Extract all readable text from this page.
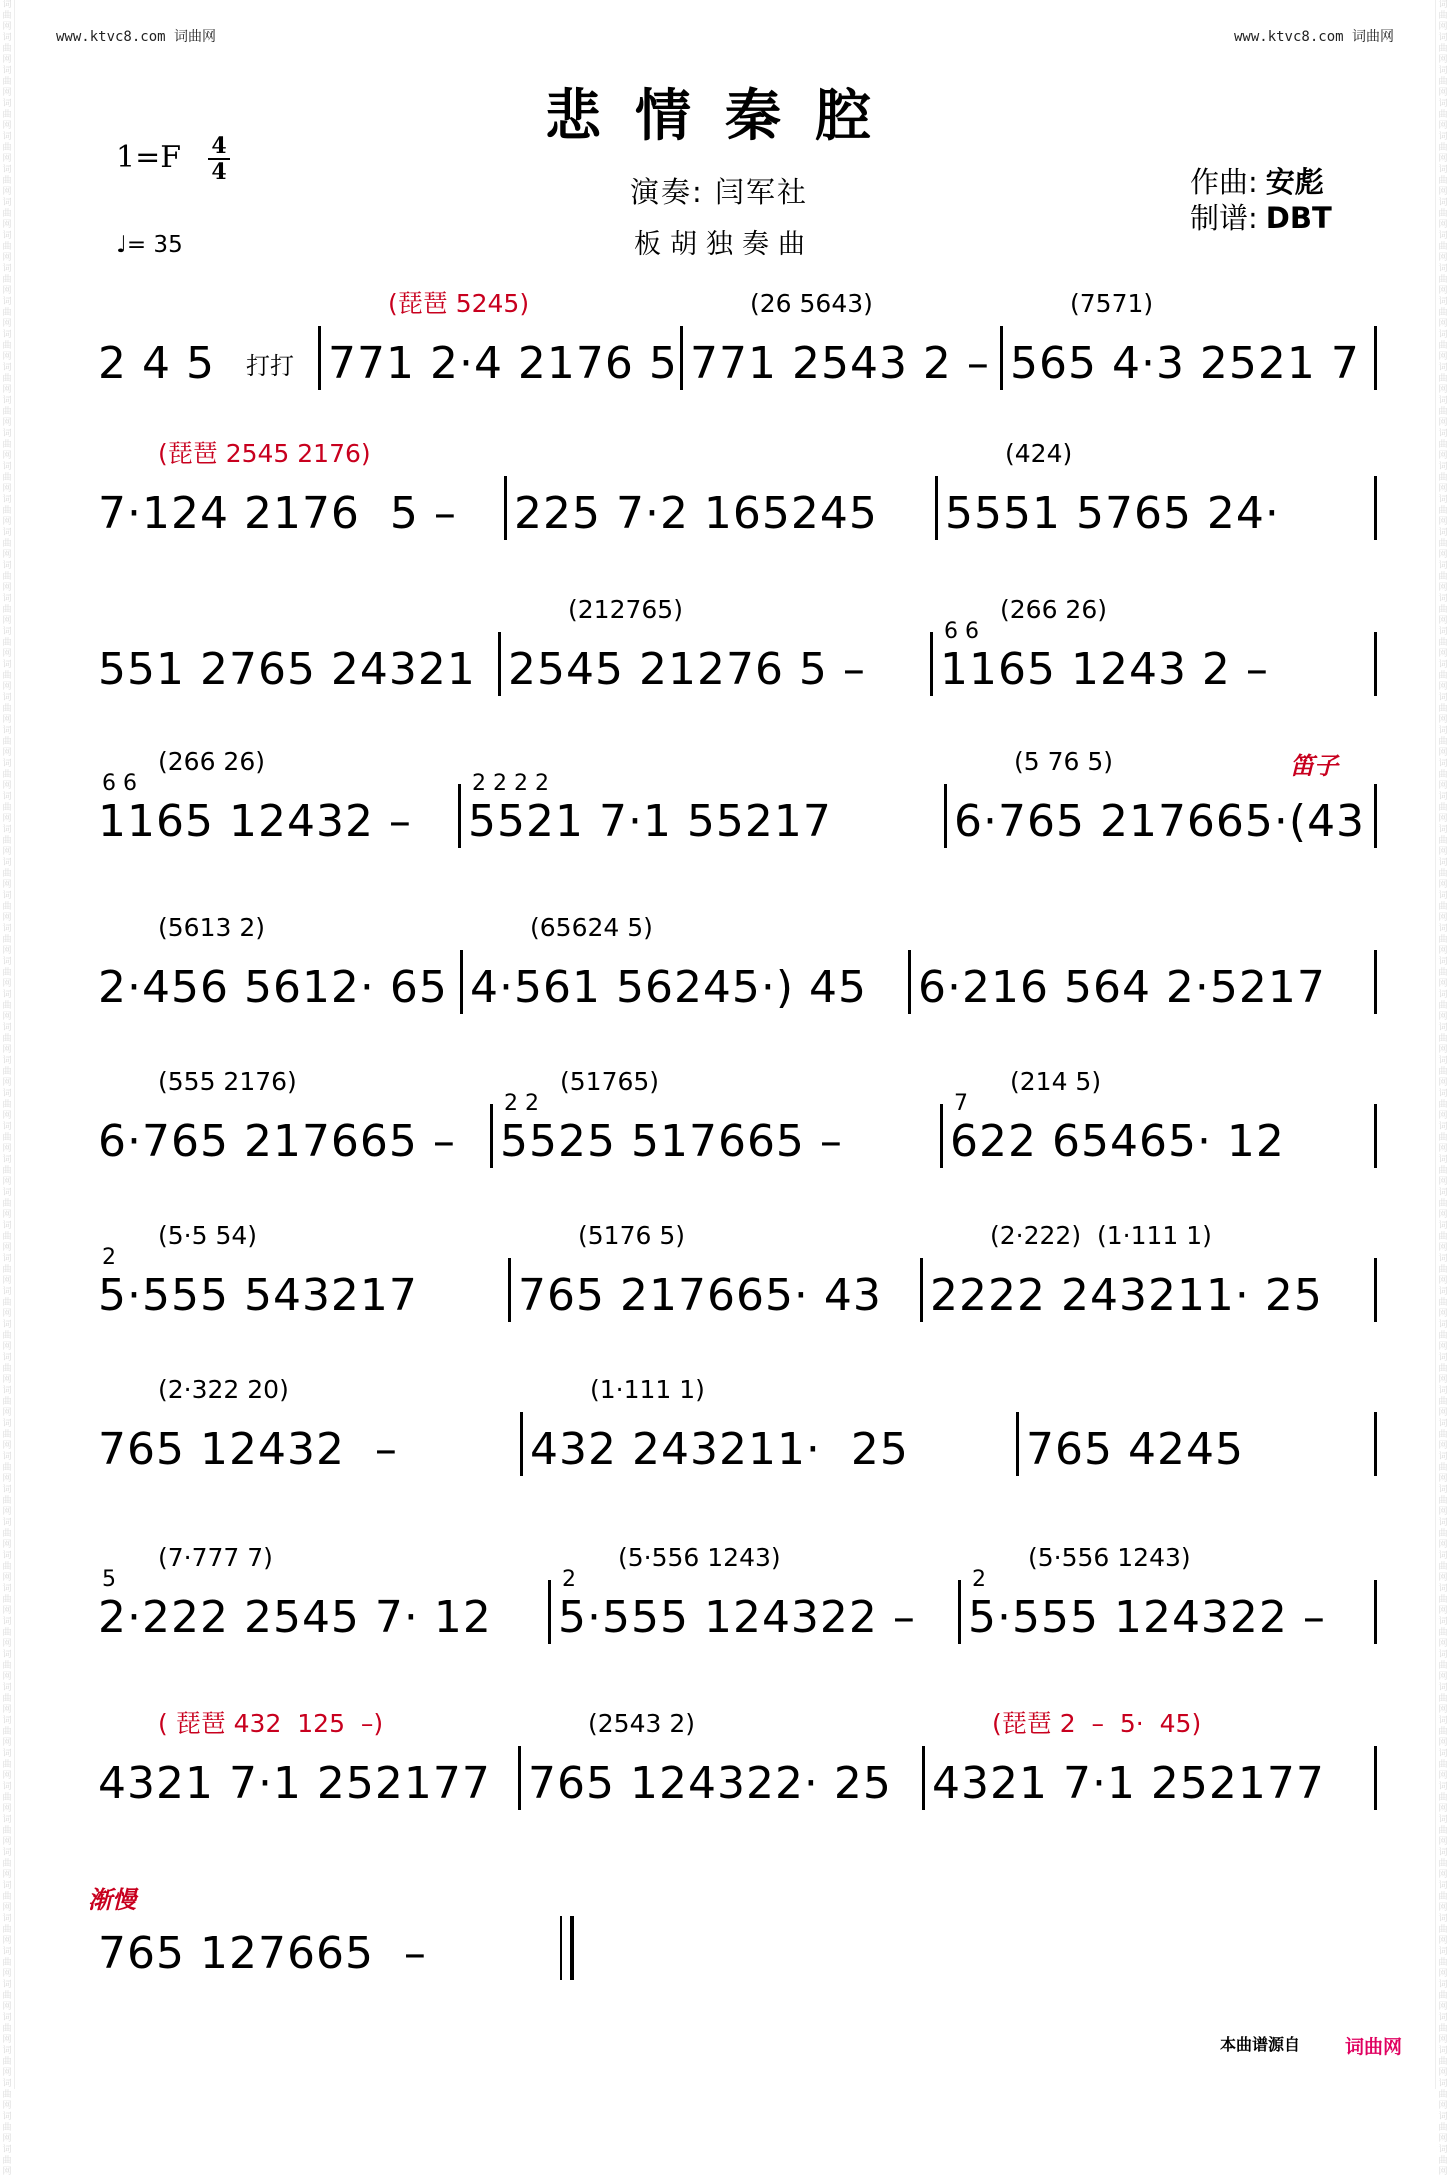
词曲网 词曲网 词曲网 词曲网 词曲网 词曲网 词曲网 词曲网 词曲网 词曲网 词曲网 词曲网 词曲网 词曲网 词曲网 词曲网 词曲网 词曲网 词曲网 词曲网 词曲网 词曲网 词曲网 词曲网 词曲网 词曲网 词曲网 词曲网 词曲网 词曲网 词曲网 词曲网 词曲网 词曲网 词曲网 词曲网 词曲网 词曲网 词曲网 词曲网 词曲网 词曲网 词曲网 词曲网 词曲网 词曲网 词曲网 词曲网 词曲网 词曲网 词曲网 词曲网 词曲网 词曲网 词曲网 词曲网 词曲网 词曲网 词曲网 词曲网 词曲网 词曲网 词曲网 词曲网 词曲网 词曲网
词曲网 词曲网 词曲网 词曲网 词曲网 词曲网 词曲网 词曲网 词曲网 词曲网 词曲网 词曲网 词曲网 词曲网 词曲网 词曲网 词曲网 词曲网 词曲网 词曲网 词曲网 词曲网 词曲网 词曲网 词曲网 词曲网 词曲网 词曲网 词曲网 词曲网 词曲网 词曲网 词曲网 词曲网 词曲网 词曲网 词曲网 词曲网 词曲网 词曲网 词曲网 词曲网 词曲网 词曲网 词曲网 词曲网 词曲网 词曲网 词曲网 词曲网 词曲网 词曲网 词曲网 词曲网 词曲网 词曲网 词曲网 词曲网 词曲网 词曲网 词曲网 词曲网 词曲网 词曲网 词曲网 词曲网
www.ktvc8.com 词曲网	www.ktvc8.com 词曲网
悲情秦腔
1=F 4
4
♩= 35
演奏: 闫军社
板胡独奏曲
作曲: 安彪
制谱: DBT
2 4 5 打打 771 2·4 2176 5
(琵琶 5245)
771 2543 2 –
(26 5643)
565 4·3 2521 7
(7571)
7·124 2176  5 –
(琵琶 2545 2176)
225 7·2 165245 5551 5765 24·
(424)
551 2765 24321 2545 21276 5 –
(212765)
1165 1243 2 –
(266 26)
6 6
1165 12432 –
(266 26)
6 6
5521 7·1 55217
2 2 2 2
6·765 217665·(43
(5 76 5)	笛子
2·456 5612· 65
(5613 2)
4·561 56245·) 45
(65624 5)
6·216 564 2·5217
6·765 217665 –
(555 2176)
5525 517665 –
(51765)
2 2
622 65465· 12
(214 5)
7
5·555 543217
(5·5 54)
2
765 217665· 43
(5176 5)
2222 243211· 25
(2·222)  (1·111 1)
765 12432  –
(2·322 20)
432 243211·  25
(1·111 1)
765 4245
2·222 2545 7· 12
(7·777 7)
5
5·555 124322 –
(5·556 1243)
2
5·555 124322 –
(5·556 1243)
2
4321 7·1 252177
( 琵琶 432  125  –)
765 124322· 25
(2543 2)
4321 7·1 252177
(琵琶 2  –  5·  45)
765 127665  –
渐慢
本曲谱源自 词曲网
